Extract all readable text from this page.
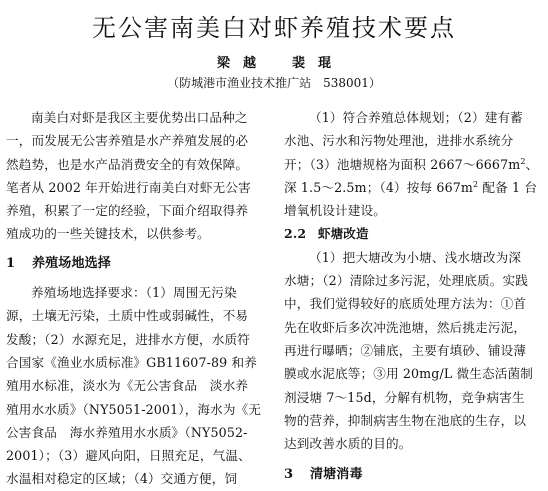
无公害南美白对虾养殖技术要点
梁　越	裴　琨
（防城港市渔业技术推广站　538001）
南美白对虾是我区主要优势出口品种之
一，而发展无公害养殖是水产养殖发展的必
然趋势，也是水产品消费安全的有效保障。
笔者从 2002 年开始进行南美白对虾无公害
养殖，积累了一定的经验，下面介绍取得养
殖成功的一些关键技术，以供参考。
1 养殖场地选择
养殖场地选择要求：（1）周围无污染
源，土壤无污染，土质中性或弱碱性，不易
发酸；（2）水源充足，进排水方便，水质符
合国家《渔业水质标准》GB11607-89 和养
殖用水标准，淡水为《无公害食品　淡水养
殖用水水质》（NY5051-2001），海水为《无
公害食品　海水养殖用水水质》（NY5052-
2001）；（3）避风向阳，日照充足，气温、
水温相对稳定的区域；（4）交通方便，饲
（1）符合养殖总体规划；（2）建有蓄
水池、污水和污物处理池，进排水系统分
开；（3）池塘规格为面积 $2667\sim 6667m^2$、
深 1.5～2.5m；（4）按每 $667m^2$ 配备 1 台
增氧机设计建设。
2.2 虾塘改造
（1）把大塘改为小塘、浅水塘改为深
水塘；（2）清除过多污泥，处理底质。实践
中，我们觉得较好的底质处理方法为：①首
先在收虾后多次冲洗池塘，然后挑走污泥，
再进行曝晒；②铺底，主要有填砂、铺设薄
膜或水泥底等；③用 20mg/L 微生态活菌制
剂浸塘 7～15d，分解有机物，竞争病害生
物的营养，抑制病害生物在池底的生存，以
达到改善水质的目的。
3 清塘消毒
